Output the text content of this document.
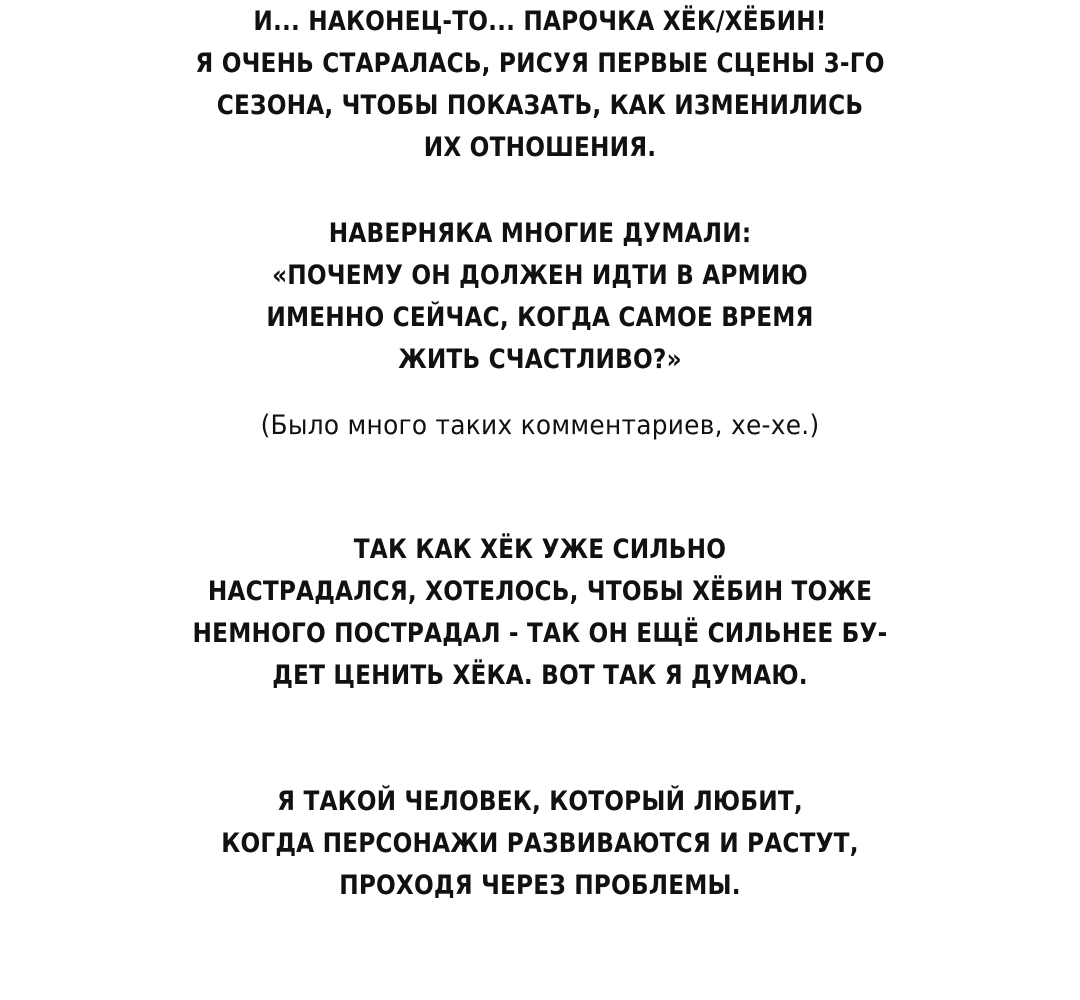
И... НАКОНЕЦ-ТО... ПАРОЧКА ХЁК/ХЁБИН!
Я ОЧЕНЬ СТАРАЛАСЬ, РИСУЯ ПЕРВЫЕ СЦЕНЫ 3-ГО
СЕЗОНА, ЧТОБЫ ПОКАЗАТЬ, КАК ИЗМЕНИЛИСЬ
ИХ ОТНОШЕНИЯ.
НАВЕРНЯКА МНОГИЕ ДУМАЛИ:
«ПОЧЕМУ ОН ДОЛЖЕН ИДТИ В АРМИЮ
ИМЕННО СЕЙЧАС, КОГДА САМОЕ ВРЕМЯ
ЖИТЬ СЧАСТЛИВО?»
(Было много таких комментариев, хе-хе.)
ТАК КАК ХЁК УЖЕ СИЛЬНО
НАСТРАДАЛСЯ, ХОТЕЛОСЬ, ЧТОБЫ ХЁБИН ТОЖЕ
НЕМНОГО ПОСТРАДАЛ - ТАК ОН ЕЩЁ СИЛЬНЕЕ БУ-
ДЕТ ЦЕНИТЬ ХЁКА. ВОТ ТАК Я ДУМАЮ.
Я ТАКОЙ ЧЕЛОВЕК, КОТОРЫЙ ЛЮБИТ,
КОГДА ПЕРСОНАЖИ РАЗВИВАЮТСЯ И РАСТУТ,
ПРОХОДЯ ЧЕРЕЗ ПРОБЛЕМЫ.
